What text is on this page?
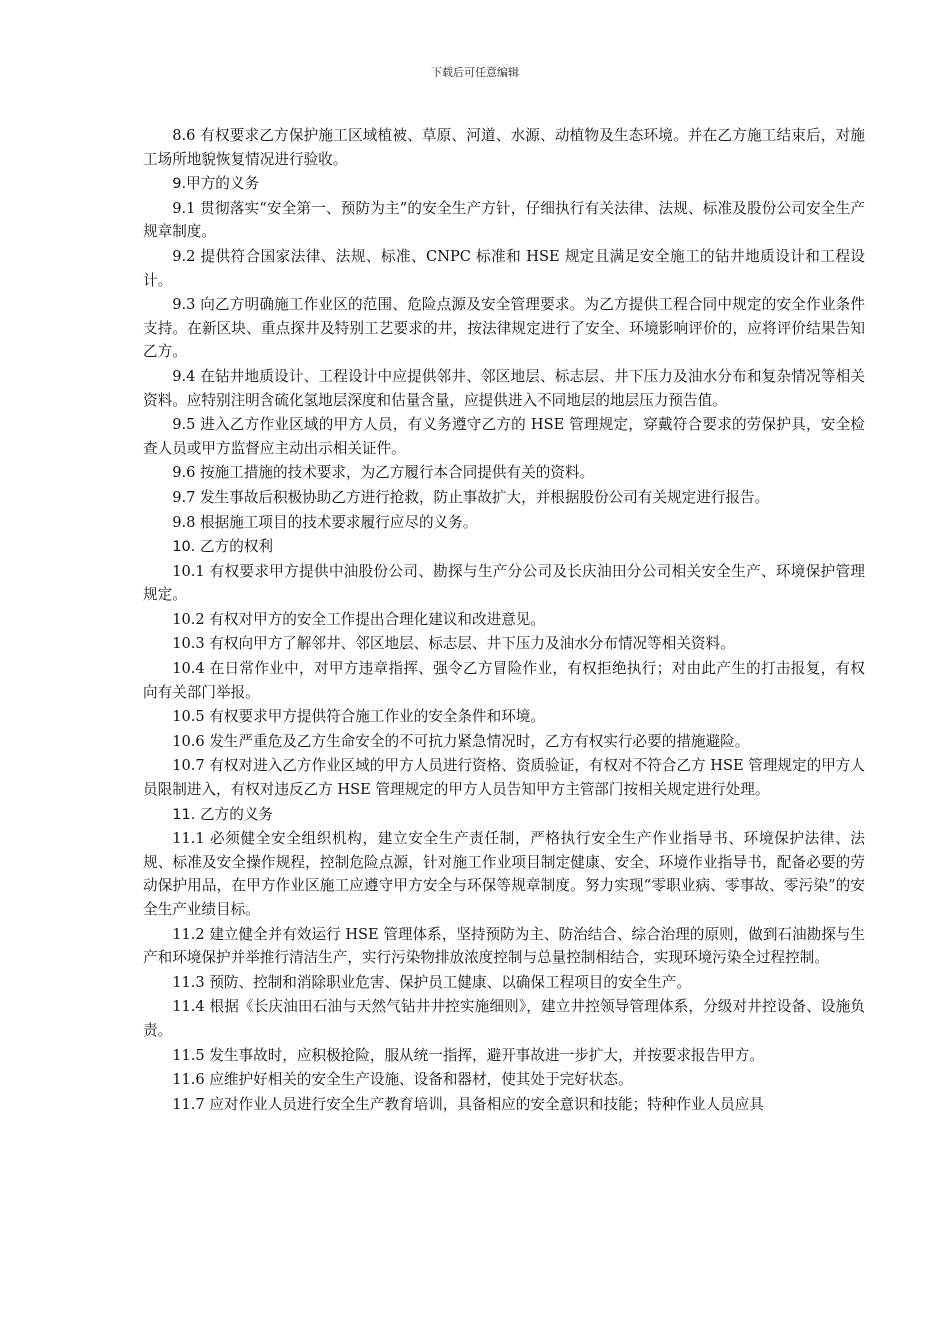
下载后可任意编辑

8.6 有权要求乙方保护施工区域植被、草原、河道、水源、动植物及生态环境。并在乙方施工结束后，对施工场所地貌恢复情况进行验收。

9.甲方的义务

9.1 贯彻落实“安全第一、预防为主”的安全生产方针，仔细执行有关法律、法规、标准及股份公司安全生产规章制度。

9.2 提供符合国家法律、法规、标准、CNPC 标准和 HSE 规定且满足安全施工的钻井地质设计和工程设计。

9.3 向乙方明确施工作业区的范围、危险点源及安全管理要求。为乙方提供工程合同中规定的安全作业条件支持。在新区块、重点探井及特别工艺要求的井，按法律规定进行了安全、环境影响评价的，应将评价结果告知乙方。

9.4 在钻井地质设计、工程设计中应提供邻井、邻区地层、标志层、井下压力及油水分布和复杂情况等相关资料。应特别注明含硫化氢地层深度和估量含量，应提供进入不同地层的地层压力预告值。

9.5 进入乙方作业区域的甲方人员，有义务遵守乙方的 HSE 管理规定，穿戴符合要求的劳保护具，安全检查人员或甲方监督应主动出示相关证件。

9.6 按施工措施的技术要求，为乙方履行本合同提供有关的资料。

9.7 发生事故后积极协助乙方进行抢救，防止事故扩大，并根据股份公司有关规定进行报告。

9.8 根据施工项目的技术要求履行应尽的义务。

10. 乙方的权利

10.1 有权要求甲方提供中油股份公司、勘探与生产分公司及长庆油田分公司相关安全生产、环境保护管理规定。

10.2 有权对甲方的安全工作提出合理化建议和改进意见。

10.3 有权向甲方了解邻井、邻区地层、标志层、井下压力及油水分布情况等相关资料。

10.4 在日常作业中，对甲方违章指挥、强令乙方冒险作业，有权拒绝执行；对由此产生的打击报复，有权向有关部门举报。

10.5 有权要求甲方提供符合施工作业的安全条件和环境。

10.6 发生严重危及乙方生命安全的不可抗力紧急情况时，乙方有权实行必要的措施避险。

10.7 有权对进入乙方作业区域的甲方人员进行资格、资质验证，有权对不符合乙方 HSE 管理规定的甲方人员限制进入，有权对违反乙方 HSE 管理规定的甲方人员告知甲方主管部门按相关规定进行处理。

11. 乙方的义务

11.1 必须健全安全组织机构，建立安全生产责任制，严格执行安全生产作业指导书、环境保护法律、法规、标准及安全操作规程，控制危险点源，针对施工作业项目制定健康、安全、环境作业指导书，配备必要的劳动保护用品，在甲方作业区施工应遵守甲方安全与环保等规章制度。努力实现“零职业病、零事故、零污染”的安全生产业绩目标。

11.2 建立健全并有效运行 HSE 管理体系，坚持预防为主、防治结合、综合治理的原则，做到石油勘探与生产和环境保护并举推行清洁生产，实行污染物排放浓度控制与总量控制相结合，实现环境污染全过程控制。

11.3 预防、控制和消除职业危害、保护员工健康、以确保工程项目的安全生产。

11.4 根据《长庆油田石油与天然气钻井井控实施细则》，建立井控领导管理体系，分级对井控设备、设施负责。

11.5 发生事故时，应积极抢险，服从统一指挥，避开事故进一步扩大，并按要求报告甲方。

11.6 应维护好相关的安全生产设施、设备和器材，使其处于完好状态。

11.7 应对作业人员进行安全生产教育培训，具备相应的安全意识和技能；特种作业人员应具
